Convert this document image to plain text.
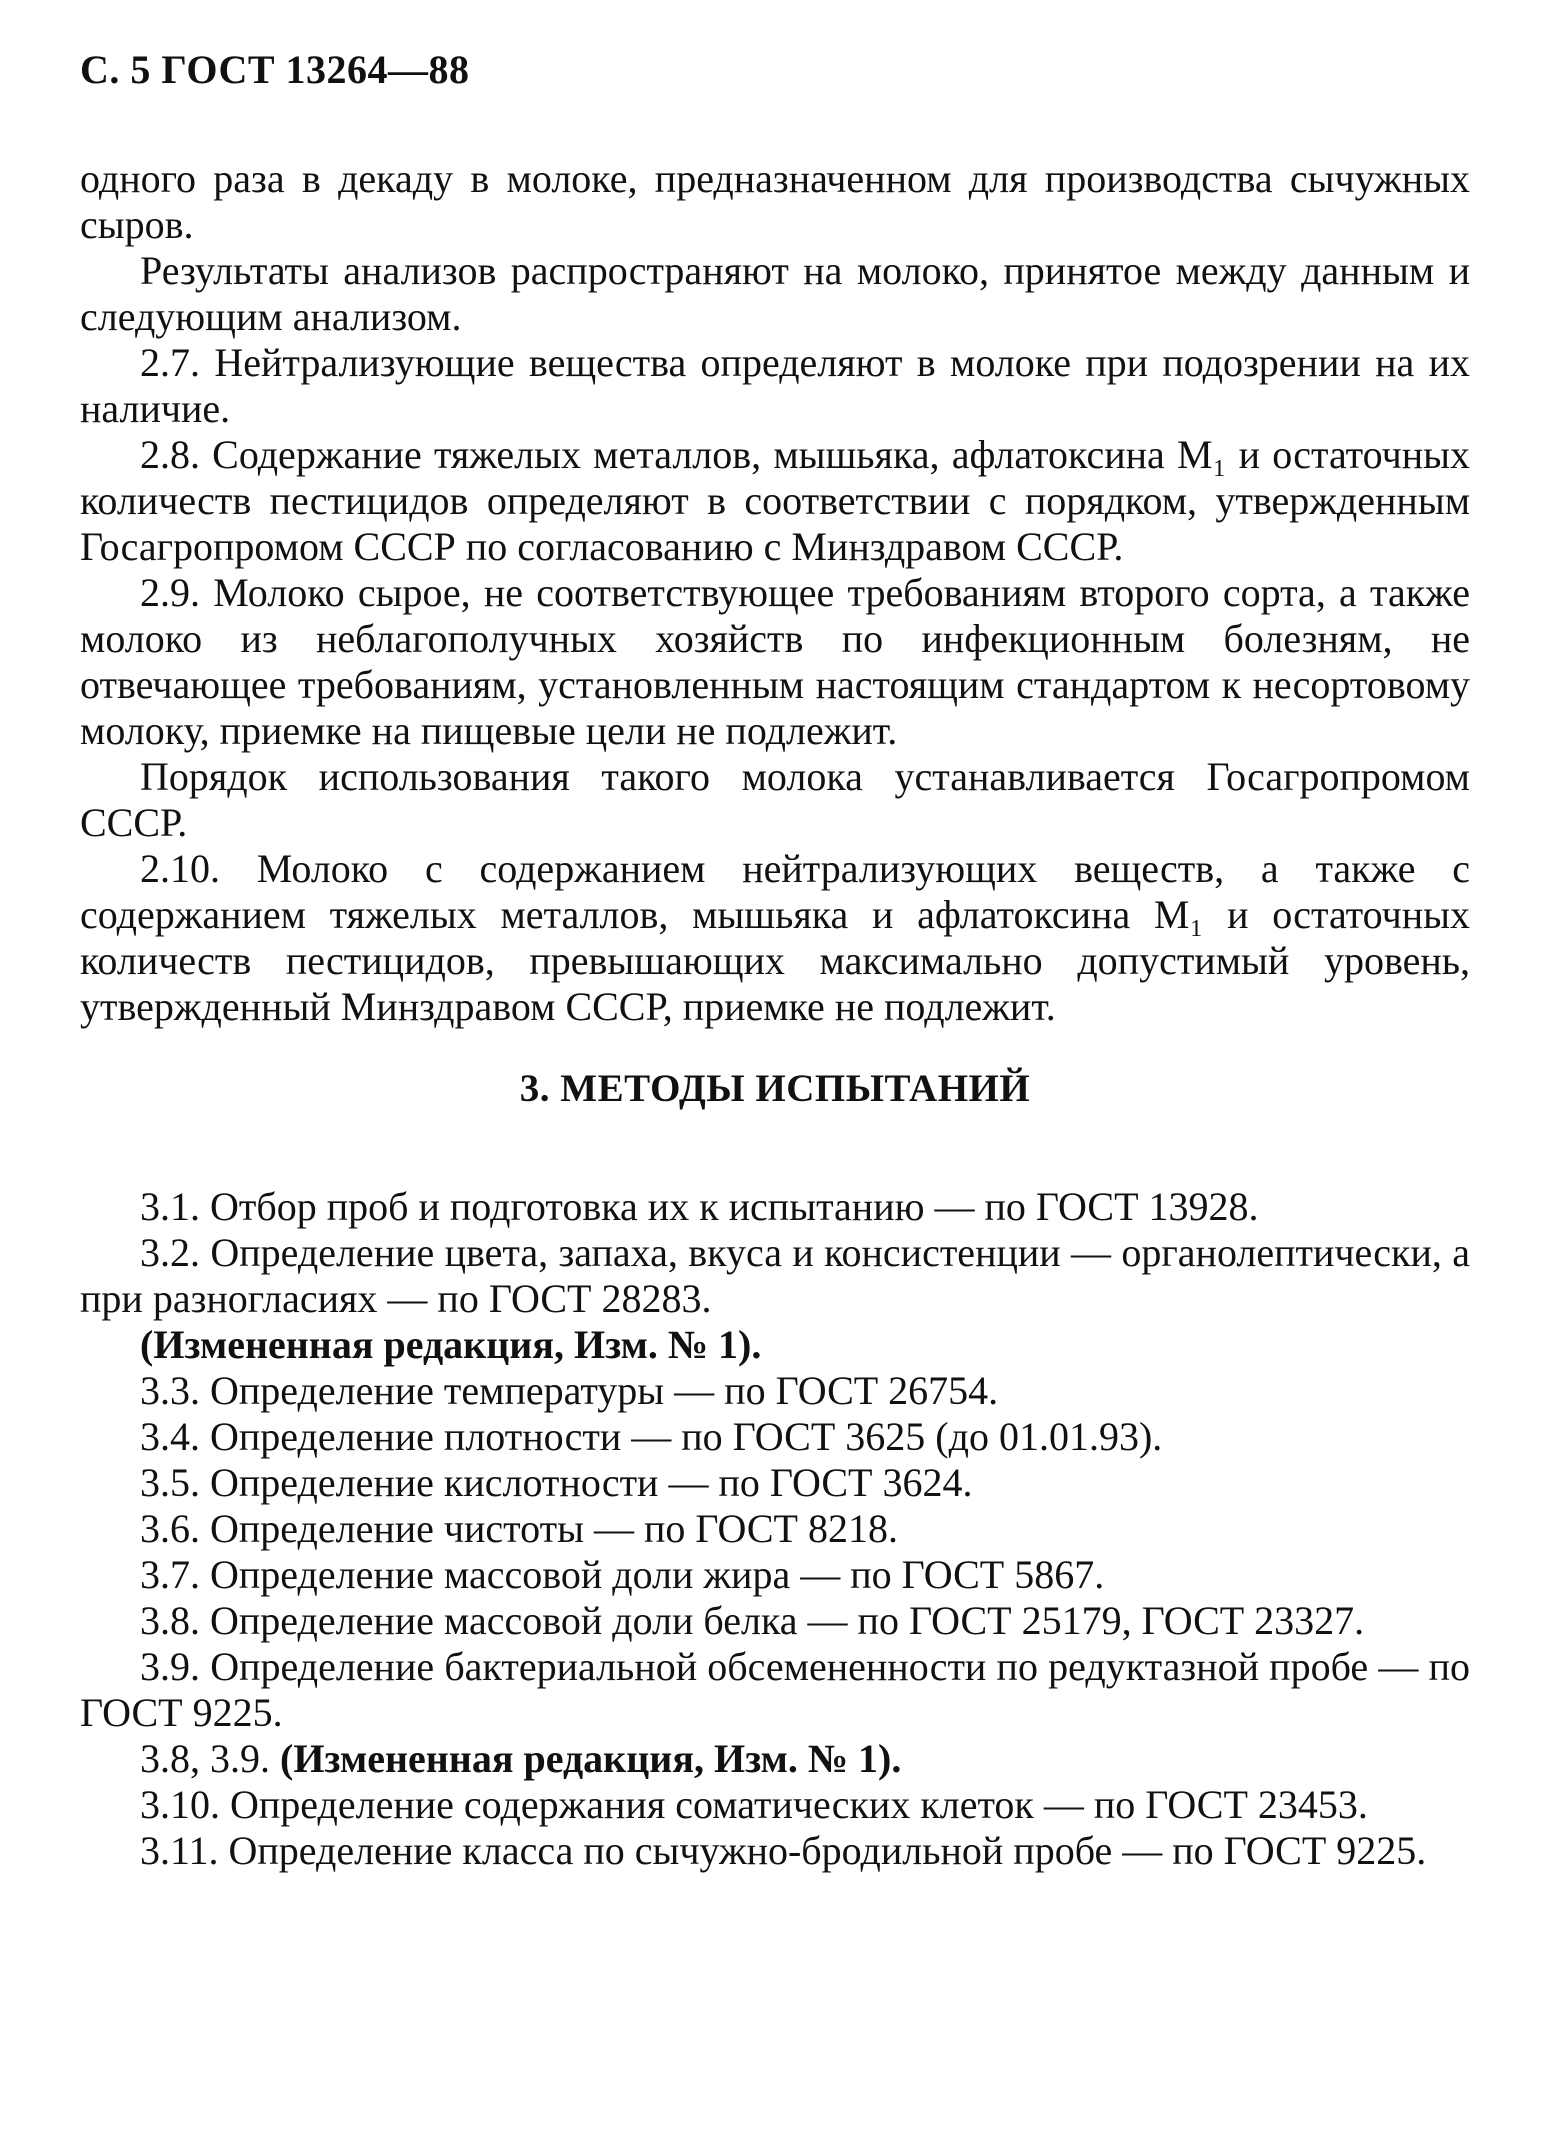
С. 5 ГОСТ 13264—88

одного раза в декаду в молоке, предназначенном для производства сычужных сыров.

Результаты анализов распространяют на молоко, принятое между данным и следующим анализом.

2.7. Нейтрализующие вещества определяют в молоке при подозрении на их наличие.

2.8. Содержание тяжелых металлов, мышьяка, афлатоксина M₁ и остаточных количеств пестицидов определяют в соответствии с порядком, утвержденным Госагропромом СССР по согласованию с Минздравом СССР.

2.9. Молоко сырое, не соответствующее требованиям второго сорта, а также молоко из неблагополучных хозяйств по инфекционным болезням, не отвечающее требованиям, установленным настоящим стандартом к несортовому молоку, приемке на пищевые цели не подлежит.

Порядок использования такого молока устанавливается Госагропромом СССР.

2.10. Молоко с содержанием нейтрализующих веществ, а также с содержанием тяжелых металлов, мышьяка и афлатоксина M₁ и остаточных количеств пестицидов, превышающих максимально допустимый уровень, утвержденный Минздравом СССР, приемке не подлежит.

3. МЕТОДЫ ИСПЫТАНИЙ

3.1. Отбор проб и подготовка их к испытанию — по ГОСТ 13928.

3.2. Определение цвета, запаха, вкуса и консистенции — органолептически, а при разногласиях — по ГОСТ 28283.

(Измененная редакция, Изм. № 1).

3.3. Определение температуры — по ГОСТ 26754.

3.4. Определение плотности — по ГОСТ 3625 (до 01.01.93).

3.5. Определение кислотности — по ГОСТ 3624.

3.6. Определение чистоты — по ГОСТ 8218.

3.7. Определение массовой доли жира — по ГОСТ 5867.

3.8. Определение массовой доли белка — по ГОСТ 25179, ГОСТ 23327.

3.9. Определение бактериальной обсемененности по редуктазной пробе — по ГОСТ 9225.

3.8, 3.9. (Измененная редакция, Изм. № 1).

3.10. Определение содержания соматических клеток — по ГОСТ 23453.

3.11. Определение класса по сычужно-бродильной пробе — по ГОСТ 9225.
